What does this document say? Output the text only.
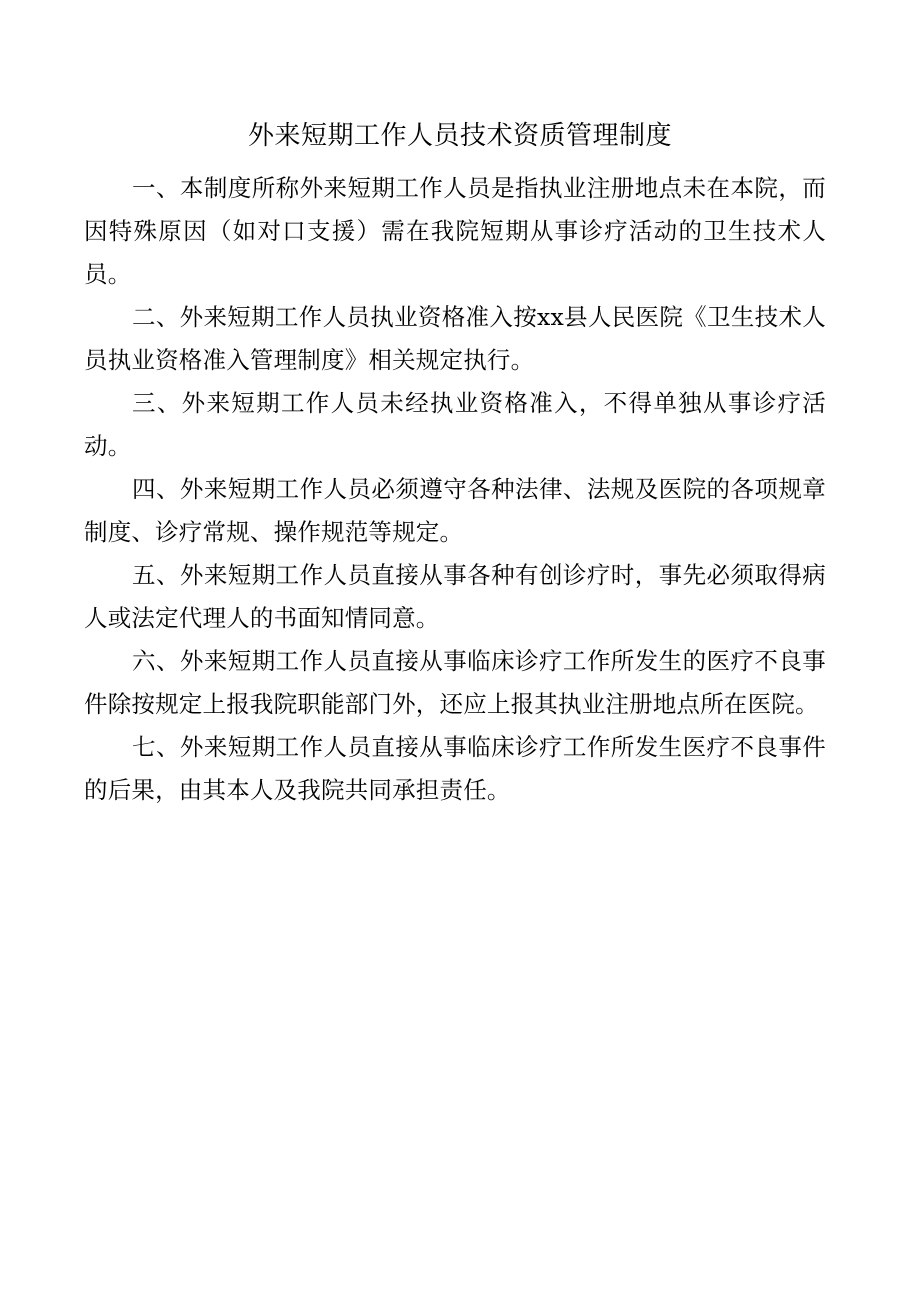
外来短期工作人员技术资质管理制度

一、本制度所称外来短期工作人员是指执业注册地点未在本院，而因特殊原因（如对口支援）需在我院短期从事诊疗活动的卫生技术人员。

二、外来短期工作人员执业资格准入按xx县人民医院《卫生技术人员执业资格准入管理制度》相关规定执行。

三、外来短期工作人员未经执业资格准入，不得单独从事诊疗活动。

四、外来短期工作人员必须遵守各种法律、法规及医院的各项规章制度、诊疗常规、操作规范等规定。

五、外来短期工作人员直接从事各种有创诊疗时，事先必须取得病人或法定代理人的书面知情同意。

六、外来短期工作人员直接从事临床诊疗工作所发生的医疗不良事件除按规定上报我院职能部门外，还应上报其执业注册地点所在医院。

七、外来短期工作人员直接从事临床诊疗工作所发生医疗不良事件的后果，由其本人及我院共同承担责任。
